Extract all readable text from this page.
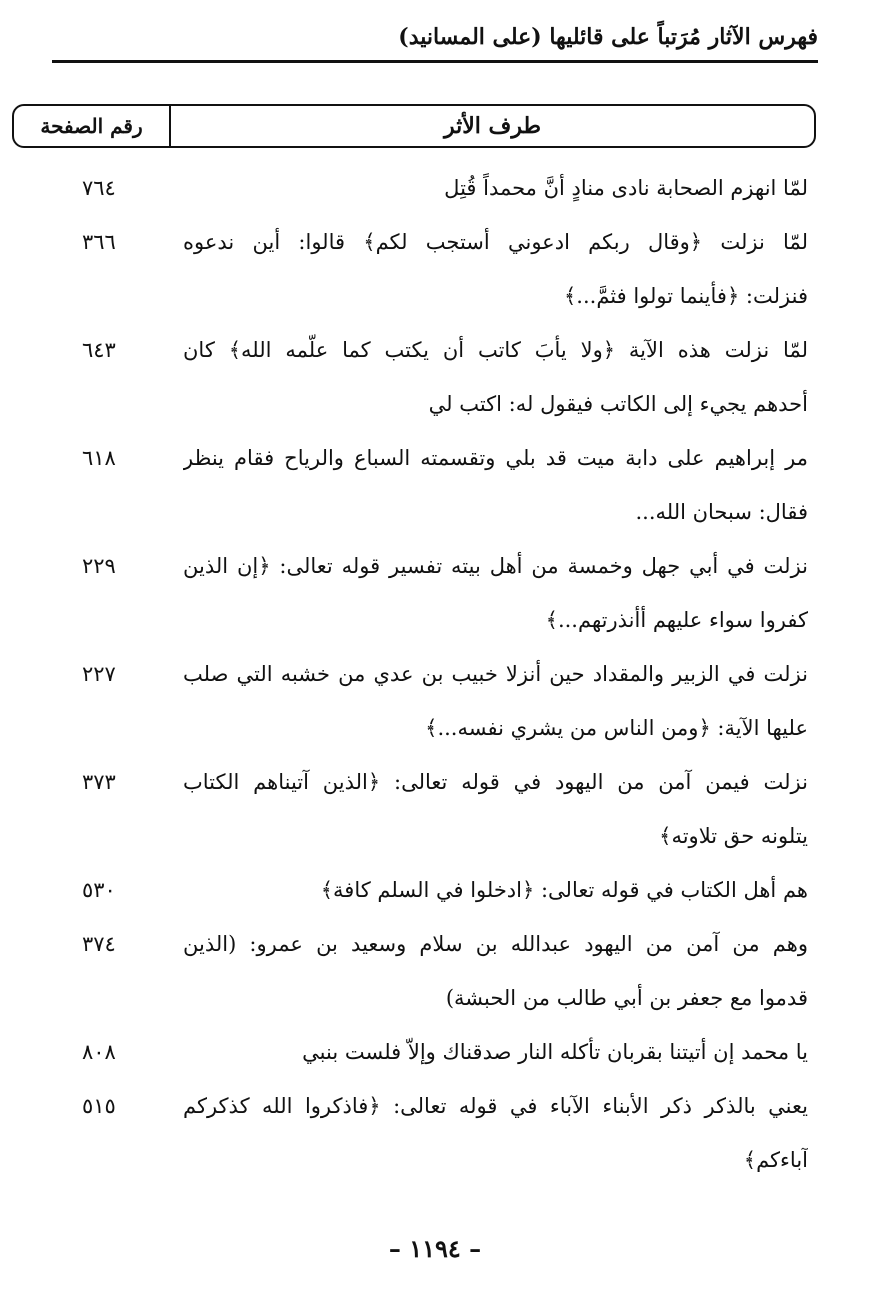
فهرس الآثار مُرَتباً على قائليها (على المسانيد)
طرف الأثر
رقم الصفحة
لمّا انهزم الصحابة نادى منادٍ أنَّ محمداً قُتِل
٧٦٤
لمّا نزلت ﴿وقال ربكم ادعوني أستجب لكم﴾ قالوا: أين ندعوه
فنزلت: ﴿فأينما تولوا فثمَّ...﴾
٣٦٦
لمّا نزلت هذه الآية ﴿ولا يأبَ كاتب أن يكتب كما علّمه الله﴾ كان
أحدهم يجيء إلى الكاتب فيقول له: اكتب لي
٦٤٣
مر إبراهيم على دابة ميت قد بلي وتقسمته السباع والرياح فقام ينظر
فقال: سبحان الله...
٦١٨
نزلت في أبي جهل وخمسة من أهل بيته تفسير قوله تعالى: ﴿إن الذين
كفروا سواء عليهم أأنذرتهم...﴾
٢٢٩
نزلت في الزبير والمقداد حين أنزلا خبيب بن عدي من خشبه التي صلب
عليها الآية: ﴿ومن الناس من يشري نفسه...﴾
٢٢٧
نزلت فيمن آمن من اليهود في قوله تعالى: ﴿الذين آتيناهم الكتاب
يتلونه حق تلاوته﴾
٣٧٣
هم أهل الكتاب في قوله تعالى: ﴿ادخلوا في السلم كافة﴾
٥٣٠
وهم من آمن من اليهود عبدالله بن سلام وسعيد بن عمرو: (الذين
قدموا مع جعفر بن أبي طالب من الحبشة)
٣٧٤
يا محمد إن أتيتنا بقربان تأكله النار صدقناك وإلاّ فلست بنبي
٨٠٨
يعني بالذكر ذكر الأبناء الآباء في قوله تعالى: ﴿فاذكروا الله كذكركم
آباءكم﴾
٥١٥
– ١١٩٤ –
